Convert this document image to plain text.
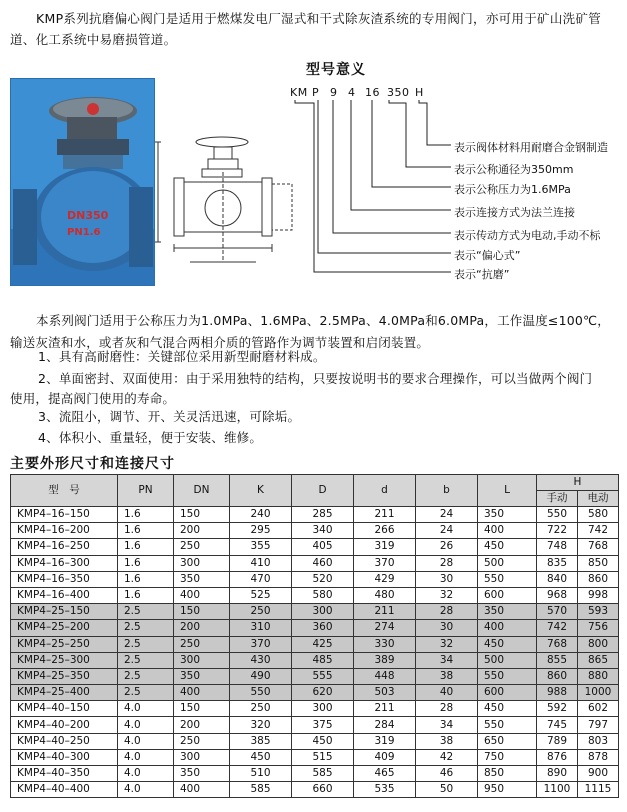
KMP系列抗磨偏心阀门是适用于燃煤发电厂湿式和干式除灰渣系统的专用阀门，亦可用于矿山洗矿管道、化工系统中易磨损管道。
DN350
PN1.6
型号意义
KM P 9 4 16 350 H
表示阀体材料用耐磨合金钢制造
表示公称通径为350mm
表示公称压力为1.6MPa
表示连接方式为法兰连接
表示传动方式为电动,手动不标
表示“偏心式”
表示“抗磨”
本系列阀门适用于公称压力为1.0MPa、1.6MPa、2.5MPa、4.0MPa和6.0MPa，工作温度≤100℃，输送灰渣和水，或者灰和气混合两相介质的管路作为调节装置和启闭装置。
1、具有高耐磨性：关键部位采用新型耐磨材料成。
2、单面密封、双面使用：由于采用独特的结构，只要按说明书的要求合理操作，可以当做两个阀门
使用，提高阀门使用的寿命。
3、流阻小，调节、开、关灵活迅速，可除垢。
4、体积小、重量轻，便于安装、维修。
主要外形尺寸和连接尺寸
型　号	PN	DN	K	D	d	b	L	H	
								手动	电动
KMP4–16–150	1.6	150	240	285	211	24	350	550	580
KMP4–16–200	1.6	200	295	340	266	24	400	722	742
KMP4–16–250	1.6	250	355	405	319	26	450	748	768
KMP4–16–300	1.6	300	410	460	370	28	500	835	850
KMP4–16–350	1.6	350	470	520	429	30	550	840	860
KMP4–16–400	1.6	400	525	580	480	32	600	968	998
KMP4–25–150	2.5	150	250	300	211	28	350	570	593
KMP4–25–200	2.5	200	310	360	274	30	400	742	756
KMP4–25–250	2.5	250	370	425	330	32	450	768	800
KMP4–25–300	2.5	300	430	485	389	34	500	855	865
KMP4–25–350	2.5	350	490	555	448	38	550	860	880
KMP4–25–400	2.5	400	550	620	503	40	600	988	1000
KMP4–40–150	4.0	150	250	300	211	28	450	592	602
KMP4–40–200	4.0	200	320	375	284	34	550	745	797
KMP4–40–250	4.0	250	385	450	319	38	650	789	803
KMP4–40–300	4.0	300	450	515	409	42	750	876	878
KMP4–40–350	4.0	350	510	585	465	46	850	890	900
KMP4–40–400	4.0	400	585	660	535	50	950	1100	1115
